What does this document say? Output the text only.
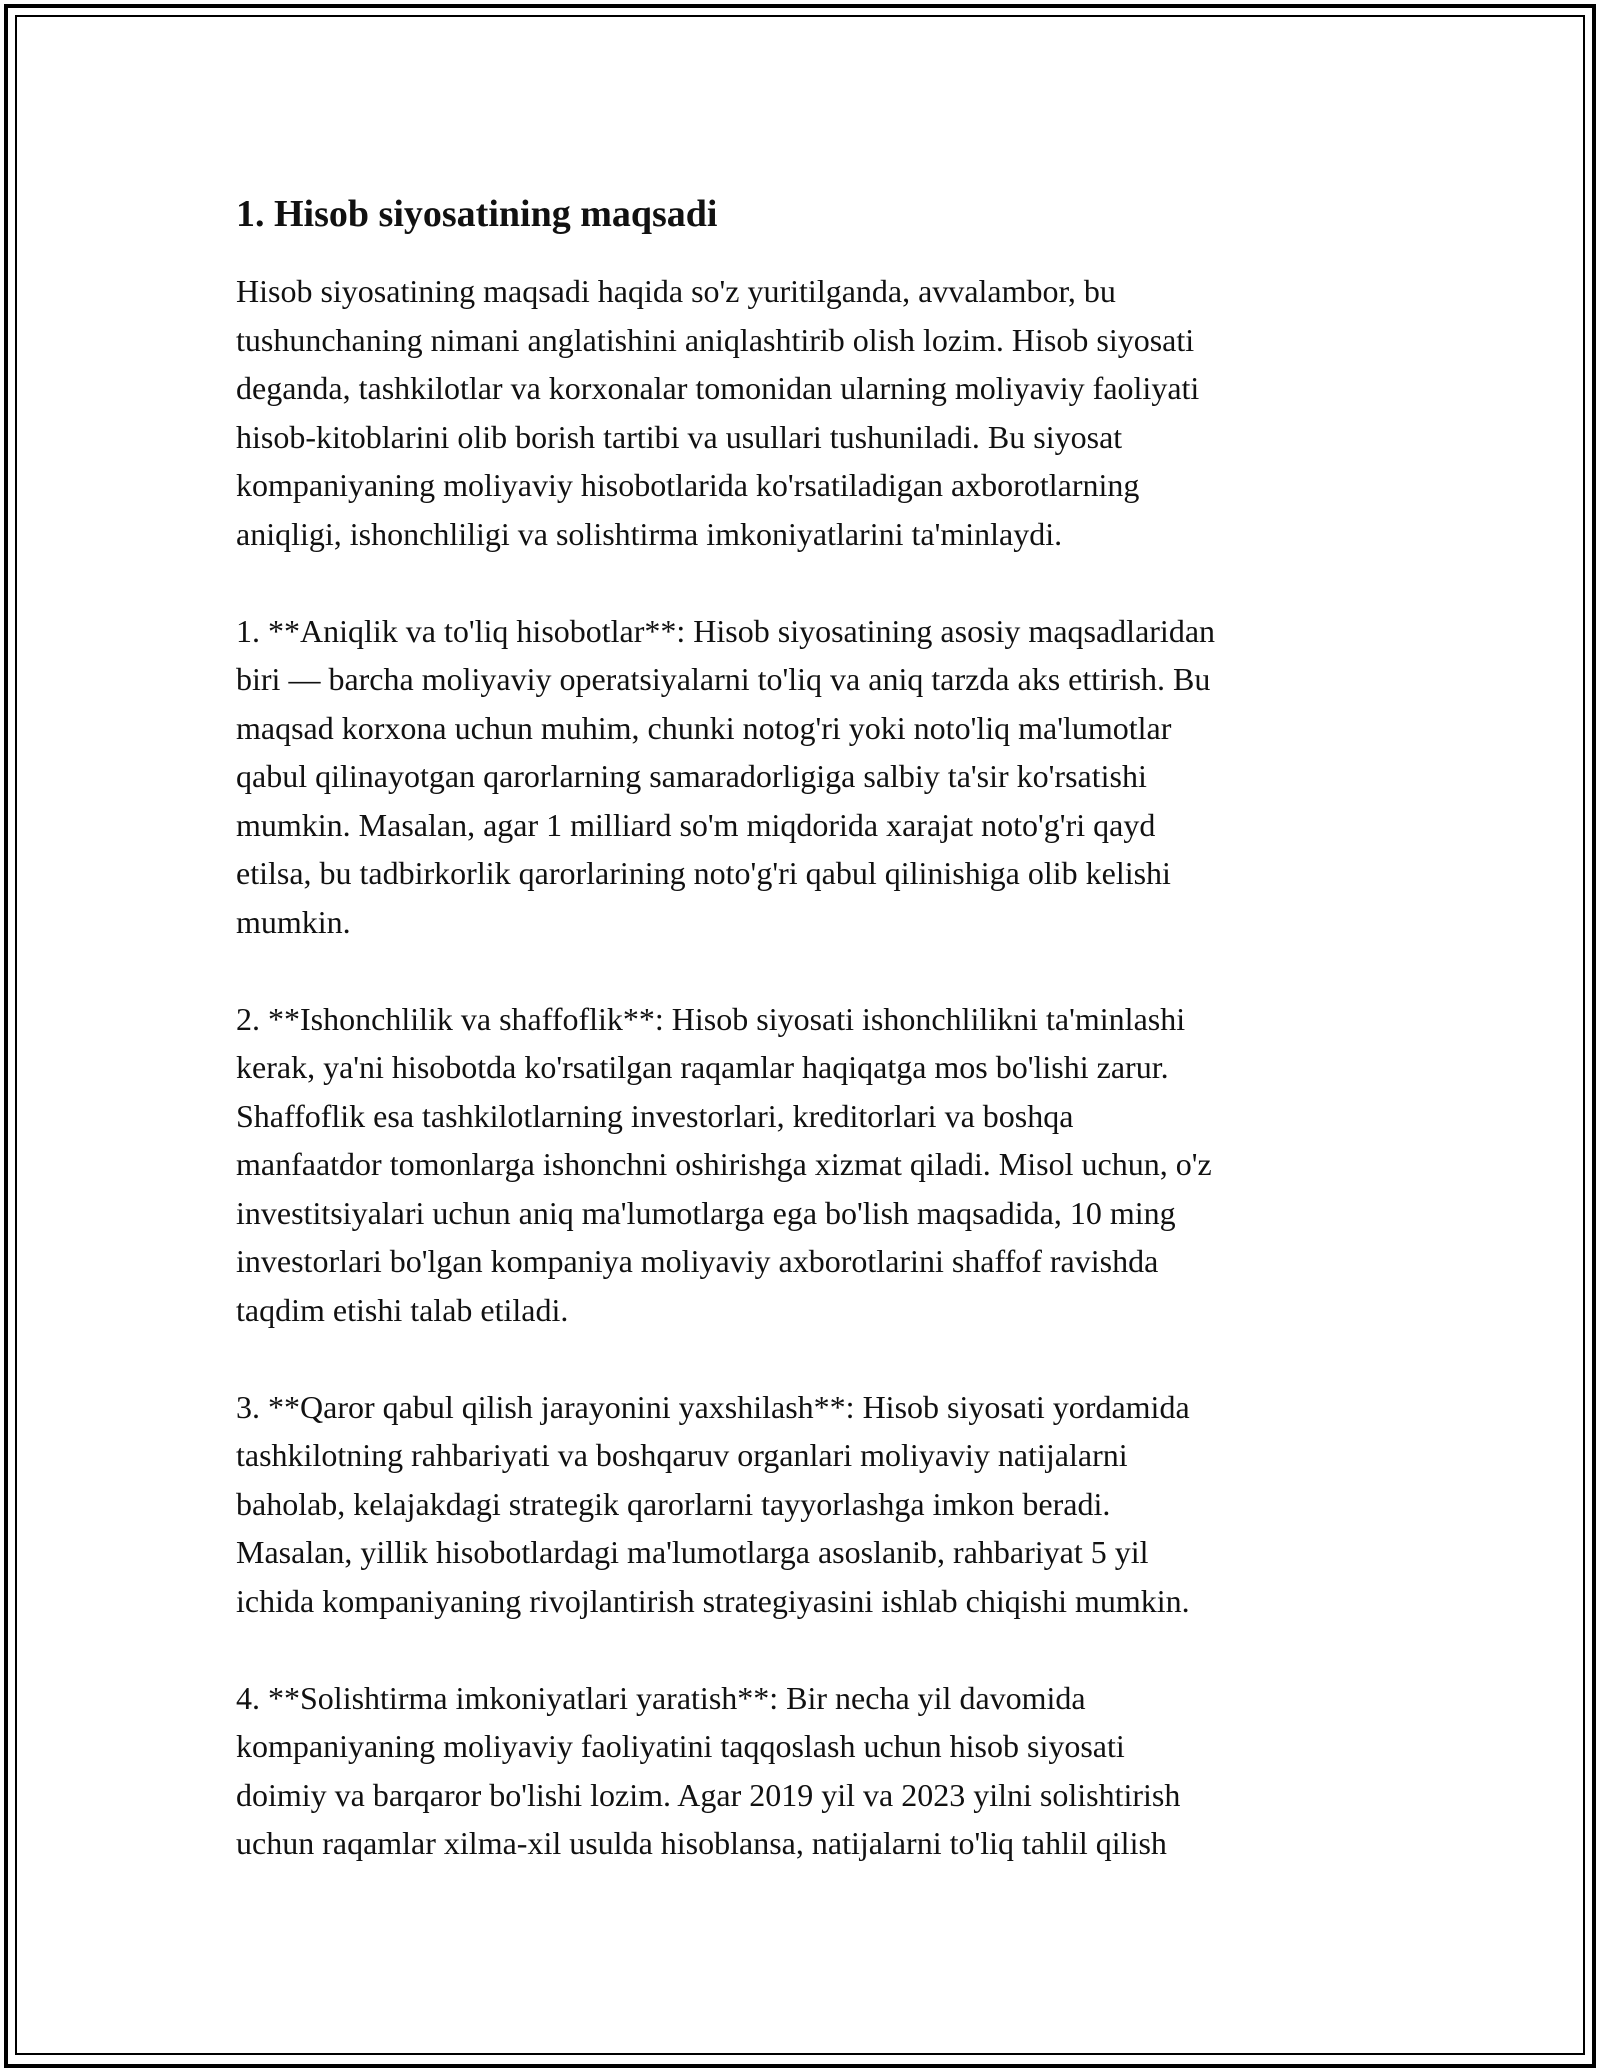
1. Hisob siyosatining maqsadi

Hisob siyosatining maqsadi haqida so'z yuritilganda, avvalambor, bu
tushunchaning nimani anglatishini aniqlashtirib olish lozim. Hisob siyosati
deganda, tashkilotlar va korxonalar tomonidan ularning moliyaviy faoliyati
hisob-kitoblarini olib borish tartibi va usullari tushuniladi. Bu siyosat
kompaniyaning moliyaviy hisobotlarida ko'rsatiladigan axborotlarning
aniqligi, ishonchliligi va solishtirma imkoniyatlarini ta'minlaydi.

1. **Aniqlik va to'liq hisobotlar**: Hisob siyosatining asosiy maqsadlaridan
biri — barcha moliyaviy operatsiyalarni to'liq va aniq tarzda aks ettirish. Bu
maqsad korxona uchun muhim, chunki notog'ri yoki noto'liq ma'lumotlar
qabul qilinayotgan qarorlarning samaradorligiga salbiy ta'sir ko'rsatishi
mumkin. Masalan, agar 1 milliard so'm miqdorida xarajat noto'g'ri qayd
etilsa, bu tadbirkorlik qarorlarining noto'g'ri qabul qilinishiga olib kelishi
mumkin.

2. **Ishonchlilik va shaffoflik**: Hisob siyosati ishonchlilikni ta'minlashi
kerak, ya'ni hisobotda ko'rsatilgan raqamlar haqiqatga mos bo'lishi zarur.
Shaffoflik esa tashkilotlarning investorlari, kreditorlari va boshqa
manfaatdor tomonlarga ishonchni oshirishga xizmat qiladi. Misol uchun, o'z
investitsiyalari uchun aniq ma'lumotlarga ega bo'lish maqsadida, 10 ming
investorlari bo'lgan kompaniya moliyaviy axborotlarini shaffof ravishda
taqdim etishi talab etiladi.

3. **Qaror qabul qilish jarayonini yaxshilash**: Hisob siyosati yordamida
tashkilotning rahbariyati va boshqaruv organlari moliyaviy natijalarni
baholab, kelajakdagi strategik qarorlarni tayyorlashga imkon beradi.
Masalan, yillik hisobotlardagi ma'lumotlarga asoslanib, rahbariyat 5 yil
ichida kompaniyaning rivojlantirish strategiyasini ishlab chiqishi mumkin.

4. **Solishtirma imkoniyatlari yaratish**: Bir necha yil davomida
kompaniyaning moliyaviy faoliyatini taqqoslash uchun hisob siyosati
doimiy va barqaror bo'lishi lozim. Agar 2019 yil va 2023 yilni solishtirish
uchun raqamlar xilma-xil usulda hisoblansa, natijalarni to'liq tahlil qilish
